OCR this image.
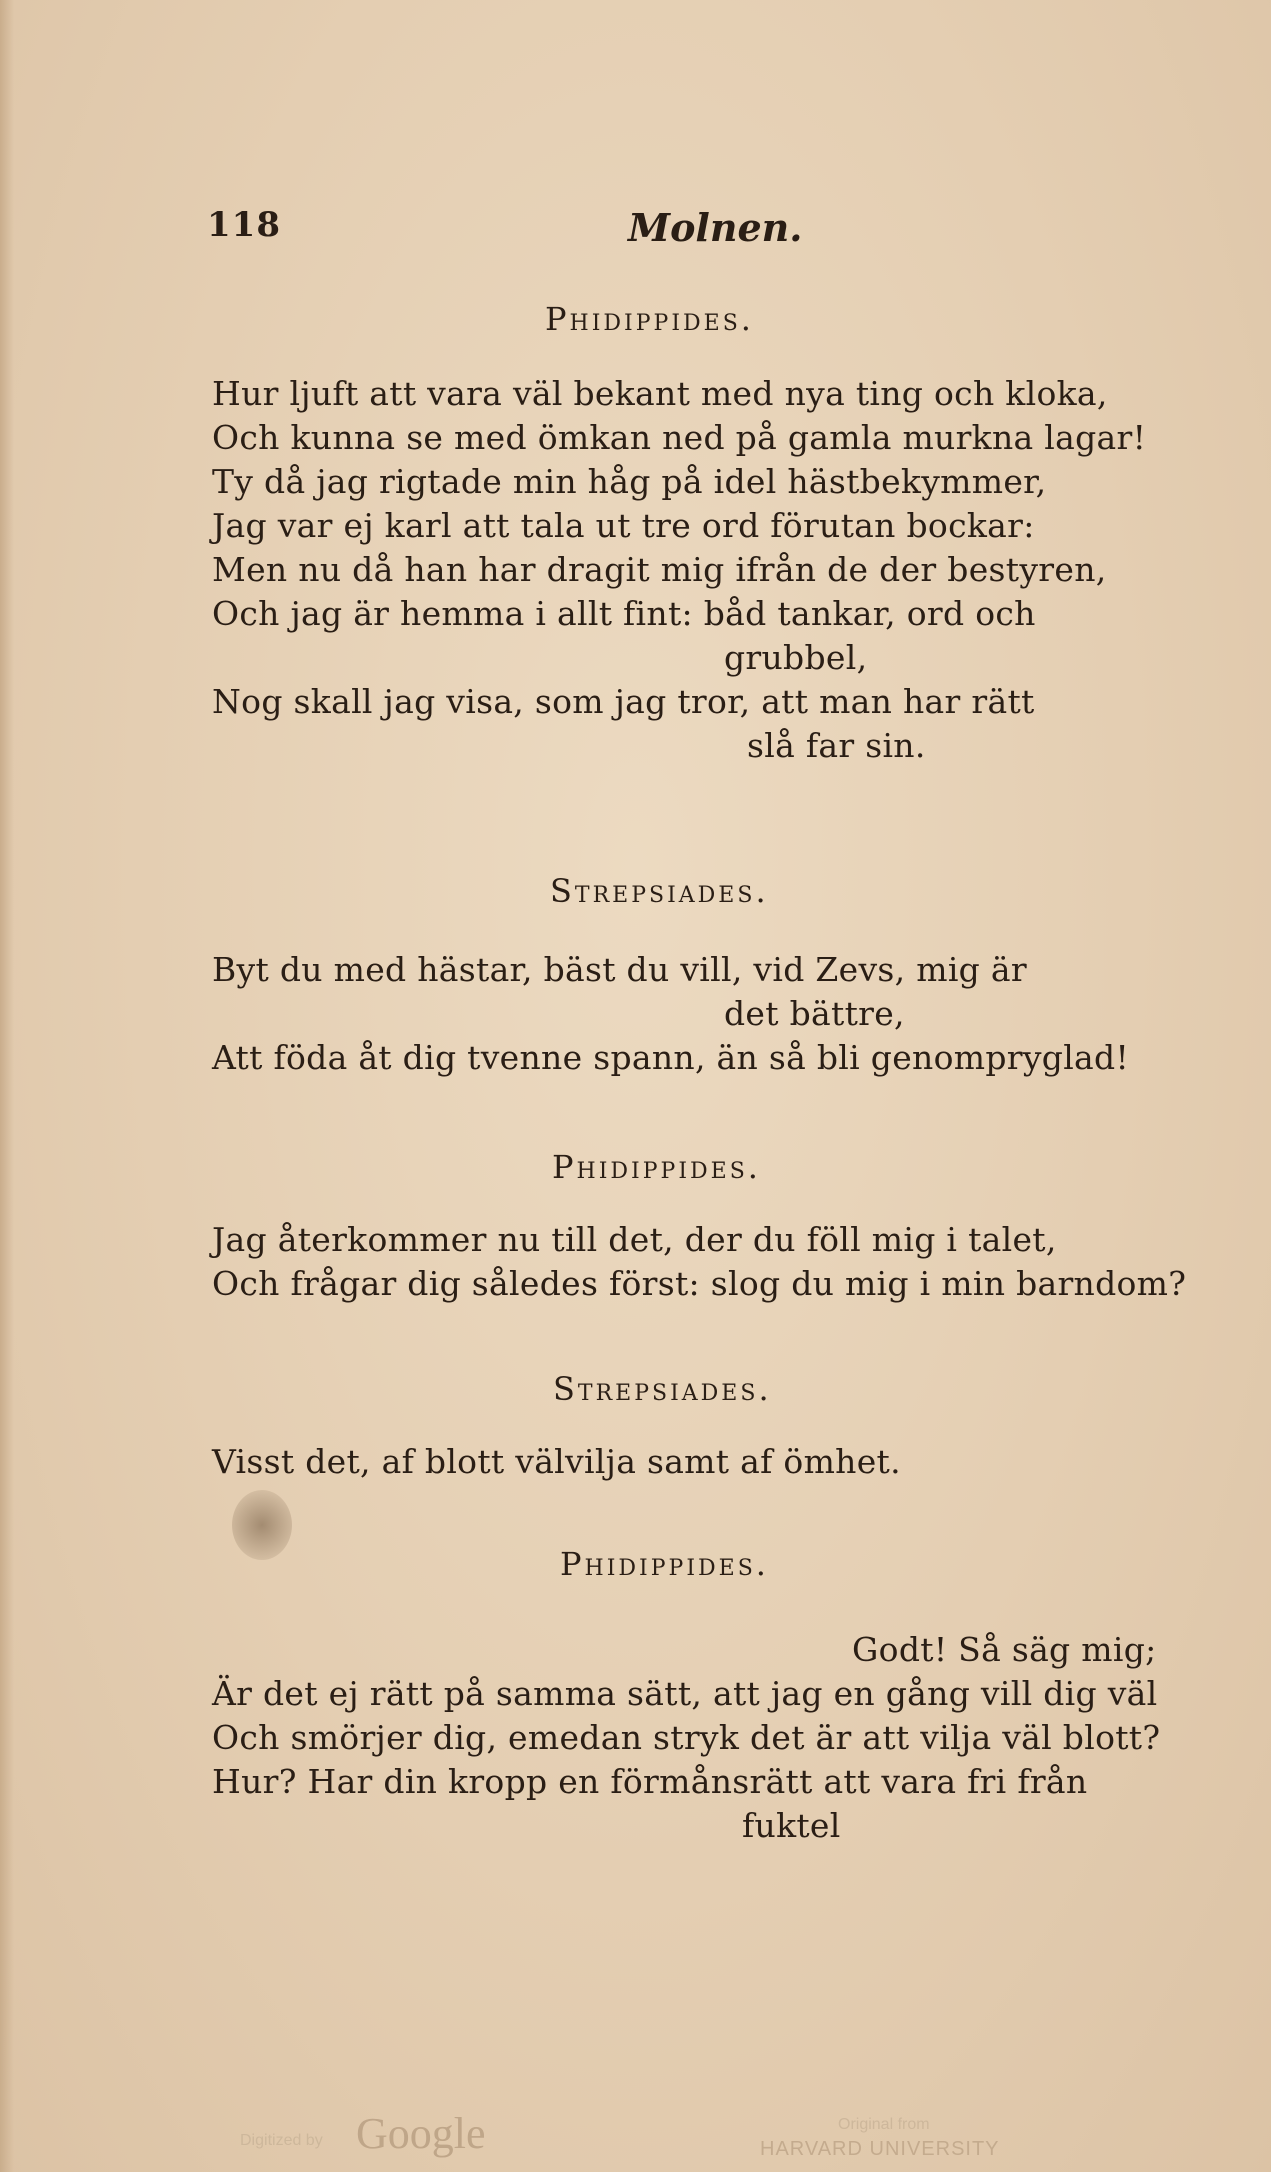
118	Molnen.
Phidippides.
Hur ljuft att vara väl bekant med nya ting och kloka,
Och kunna se med ömkan ned på gamla murkna lagar!
Ty då jag rigtade min håg på idel hästbekymmer,
Jag var ej karl att tala ut tre ord förutan bockar:
Men nu då han har dragit mig ifrån de der bestyren,
Och jag är hemma i allt fint: båd tankar, ord och
grubbel,
Nog skall jag visa, som jag tror, att man har rätt
slå far sin.
Strepsiades.
Byt du med hästar, bäst du vill, vid Zevs, mig är
det bättre,
Att föda åt dig tvenne spann, än så bli genompryglad!
Phidippides.
Jag återkommer nu till det, der du föll mig i talet,
Och frågar dig således först: slog du mig i min barndom?
Strepsiades.
Visst det, af blott välvilja samt af ömhet.
Phidippides.
Godt! Så säg mig;
Är det ej rätt på samma sätt, att jag en gång vill dig väl
Och smörjer dig, emedan stryk det är att vilja väl blott?
Hur? Har din kropp en förmånsrätt att vara fri från
fuktel
Digitized by Google	Original from
HARVARD UNIVERSITY
